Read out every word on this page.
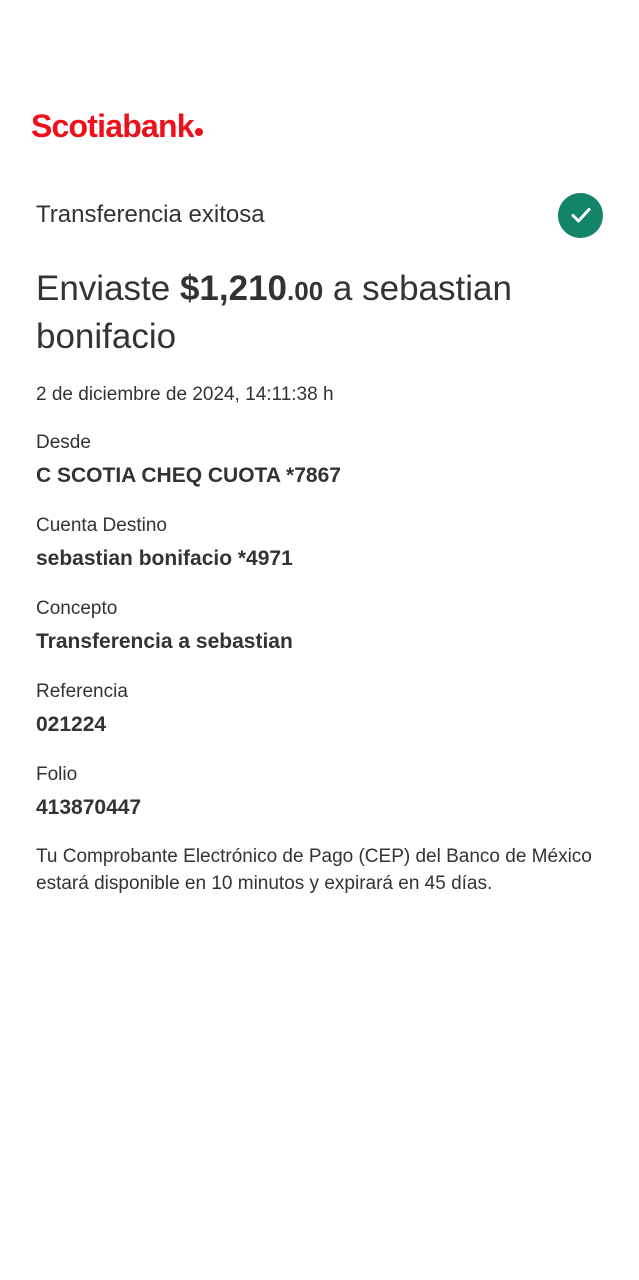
Scotiabank
Transferencia exitosa
Enviaste $1,210.00 a sebastian bonifacio
2 de diciembre de 2024, 14:11:38 h
Desde
C SCOTIA CHEQ CUOTA *7867
Cuenta Destino
sebastian bonifacio *4971
Concepto
Transferencia a sebastian
Referencia
021224
Folio
413870447
Tu Comprobante Electrónico de Pago (CEP) del Banco de México estará disponible en 10 minutos y expirará en 45 días.
